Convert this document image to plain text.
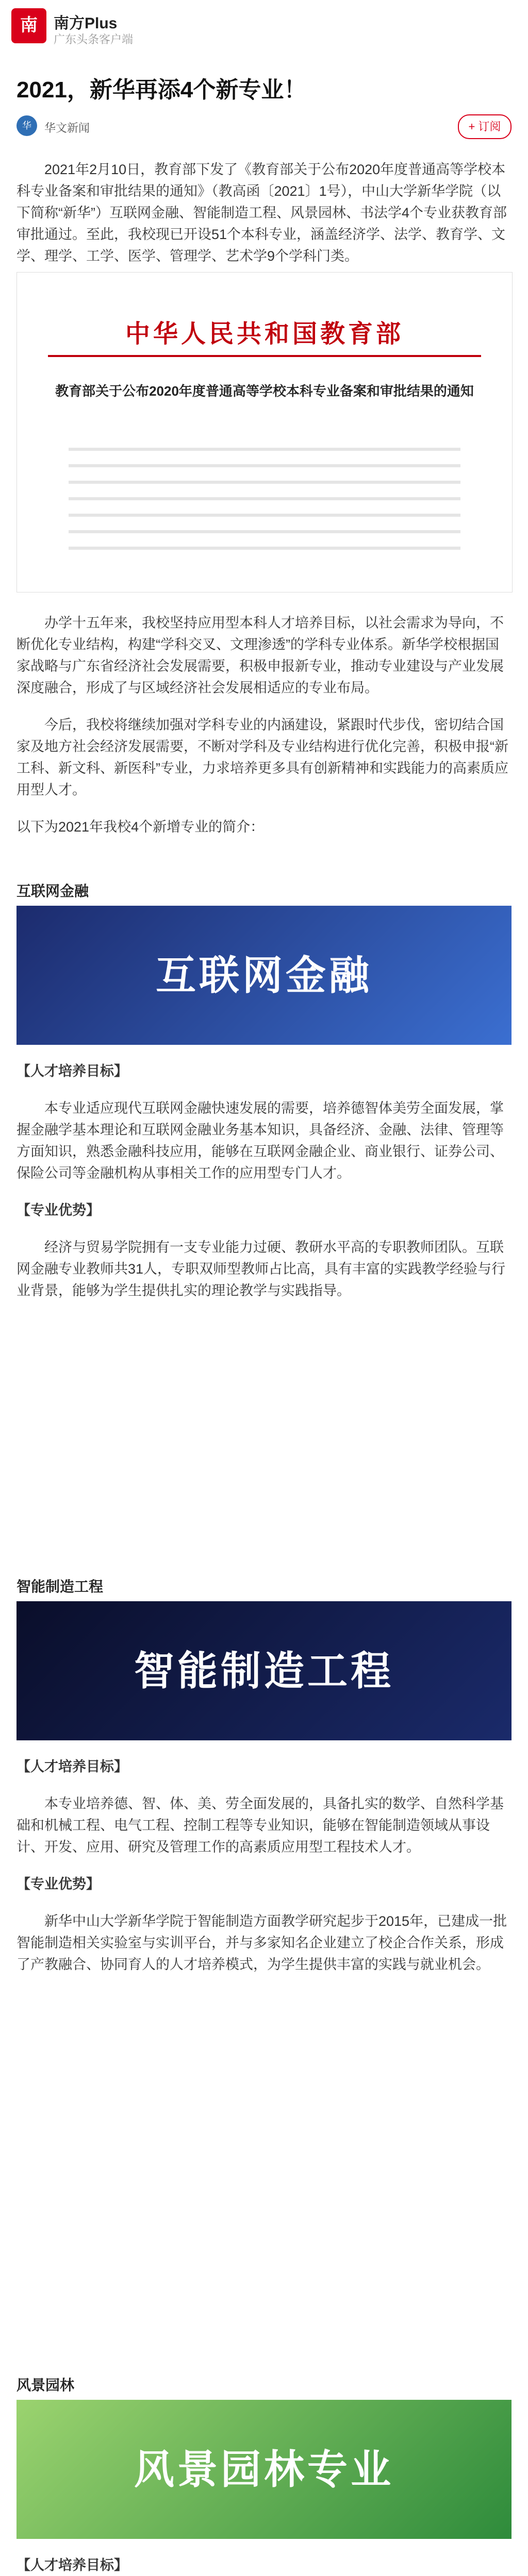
南	南方Plus
广东头条客户端
2021，新华再添4个新专业！
华	华文新闻	+ 订阅

2021年2月10日，教育部下发了《教育部关于公布2020年度普通高等学校本科专业备案和审批结果的通知》（教高函〔2021〕1号），中山大学新华学院（以下简称“新华”）互联网金融、智能制造工程、风景园林、书法学4个专业获教育部审批通过。至此，我校现已开设51个本科专业，涵盖经济学、法学、教育学、文学、理学、工学、医学、管理学、艺术学9个学科门类。

中华人民共和国教育部
教育部关于公布2020年度普通高等学校本科专业备案和审批结果的通知

办学十五年来，我校坚持应用型本科人才培养目标，以社会需求为导向，不断优化专业结构，构建“学科交叉、文理渗透”的学科专业体系。新华学校根据国家战略与广东省经济社会发展需要，积极申报新专业，推动专业建设与产业发展深度融合，形成了与区域经济社会发展相适应的专业布局。

今后，我校将继续加强对学科专业的内涵建设，紧跟时代步伐，密切结合国家及地方社会经济发展需要，不断对学科及专业结构进行优化完善，积极申报“新工科、新文科、新医科”专业，力求培养更多具有创新精神和实践能力的高素质应用型人才。

以下为2021年我校4个新增专业的简介：

互联网金融
互联网金融

【人才培养目标】

本专业适应现代互联网金融快速发展的需要，培养德智体美劳全面发展，掌握金融学基本理论和互联网金融业务基本知识，具备经济、金融、法律、管理等方面知识，熟悉金融科技应用，能够在互联网金融企业、商业银行、证券公司、保险公司等金融机构从事相关工作的应用型专门人才。

【专业优势】

经济与贸易学院拥有一支专业能力过硬、教研水平高的专职教师团队。互联网金融专业教师共31人，专职双师型教师占比高，具有丰富的实践教学经验与行业背景，能够为学生提供扎实的理论教学与实践指导。

智能制造工程
智能制造工程

【人才培养目标】

本专业培养德、智、体、美、劳全面发展的，具备扎实的数学、自然科学基础和机械工程、电气工程、控制工程等专业知识，能够在智能制造领域从事设计、开发、应用、研究及管理工作的高素质应用型工程技术人才。

【专业优势】

新华中山大学新华学院于智能制造方面教学研究起步于2015年，已建成一批智能制造相关实验室与实训平台，并与多家知名企业建立了校企合作关系，形成了产教融合、协同育人的人才培养模式，为学生提供丰富的实践与就业机会。

风景园林
风景园林专业

【人才培养目标】
